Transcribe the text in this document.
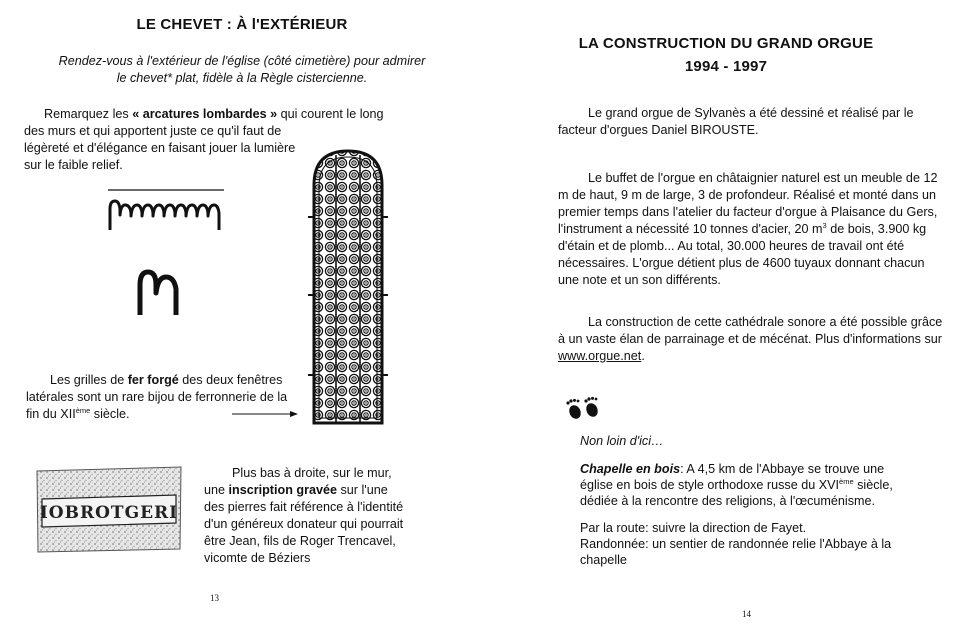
LE CHEVET : À l'EXTÉRIEUR
Rendez-vous à l'extérieur de l'église (côté cimetière) pour admirer
le chevet* plat, fidèle à la Règle cistercienne.
Remarquez les « arcatures lombardes » qui courent le long
des murs et qui apportent juste ce qu'il faut de
légèreté et d'élégance en faisant jouer la lumière
sur le faible relief.
Les grilles de fer forgé des deux fenêtres
latérales sont un rare bijou de ferronnerie de la
fin du XIIème siècle.
IOBROTGERI
Plus bas à droite, sur le mur,
une inscription gravée sur l'une
des pierres fait référence à l'identité
d'un généreux donateur qui pourrait
être Jean, fils de Roger Trencavel,
vicomte de Béziers
13
LA CONSTRUCTION DU GRAND ORGUE
1994 - 1997
Le grand orgue de Sylvanès a été dessiné et réalisé par le
facteur d'orgues Daniel BIROUSTE.
Le buffet de l'orgue en châtaignier naturel est un meuble de 12
m de haut, 9 m de large, 3 de profondeur. Réalisé et monté dans un
premier temps dans l'atelier du facteur d'orgue à Plaisance du Gers,
l'instrument a nécessité 10 tonnes d'acier, 20 $m^3$ de bois, 3.900 kg
d'étain et de plomb... Au total, 30.000 heures de travail ont été
nécessaires. L'orgue détient plus de 4600 tuyaux donnant chacun
une note et un son différents.
La construction de cette cathédrale sonore a été possible grâce
à un vaste élan de parrainage et de mécénat. Plus d'informations sur
www.orgue.net.
Non loin d'ici…
Chapelle en bois: A 4,5 km de l'Abbaye se trouve une
église en bois de style orthodoxe russe du XVIème siècle,
dédiée à la rencontre des religions, à l'œcuménisme.
Par la route: suivre la direction de Fayet.
Randonnée: un sentier de randonnée relie l'Abbaye à la
chapelle
14
